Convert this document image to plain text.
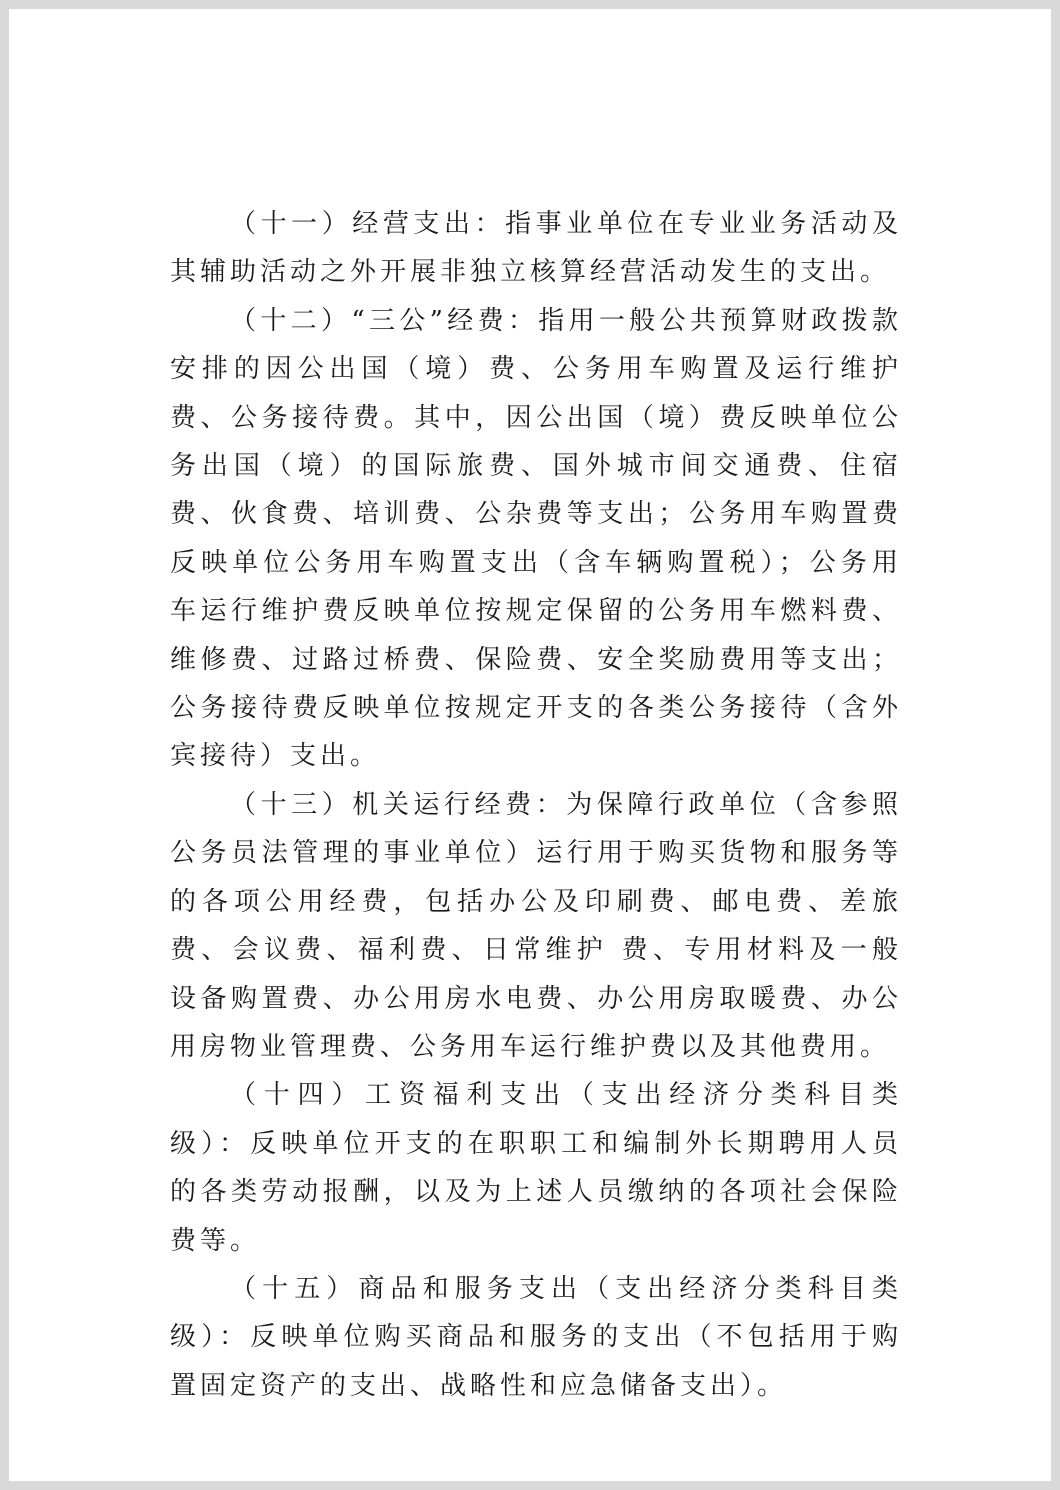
（十一）经营支出：指事业单位在专业业务活动及其辅助活动之外开展非独立核算经营活动发生的支出。

（十二）“三公”经费：指用一般公共预算财政拨款安排的因公出国（境）费、公务用车购置及运行维护费、公务接待费。其中，因公出国（境）费反映单位公务出国（境）的国际旅费、国外城市间交通费、住宿费、伙食费、培训费、公杂费等支出；公务用车购置费反映单位公务用车购置支出（含车辆购置税）；公务用车运行维护费反映单位按规定保留的公务用车燃料费、维修费、过路过桥费、保险费、安全奖励费用等支出；公务接待费反映单位按规定开支的各类公务接待（含外宾接待）支出。

（十三）机关运行经费：为保障行政单位（含参照公务员法管理的事业单位）运行用于购买货物和服务等的各项公用经费，包括办公及印刷费、邮电费、差旅费、会议费、福利费、日常维护 费、专用材料及一般设备购置费、办公用房水电费、办公用房取暖费、办公用房物业管理费、公务用车运行维护费以及其他费用。

（十四）工资福利支出（支出经济分类科目类级）：反映单位开支的在职职工和编制外长期聘用人员的各类劳动报酬，以及为上述人员缴纳的各项社会保险费等。

（十五）商品和服务支出（支出经济分类科目类级）：反映单位购买商品和服务的支出（不包括用于购置固定资产的支出、战略性和应急储备支出）。
